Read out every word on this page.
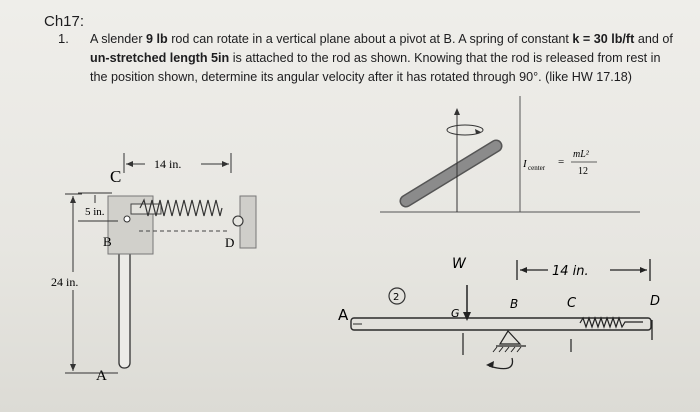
Ch17:
1. A slender 9 lb rod can rotate in a vertical plane about a pivot at B. A spring of constant k = 30 lb/ft and of un-stretched length 5in is attached to the rod as shown. Knowing that the rod is released from rest in the position shown, determine its angular velocity after it has rotated through 90°. (like HW 17.18)
C
14 in.
5 in.
B	D
24 in.
A
I center =
mL²
12
W
G
2
A
B	C	D
14 in.
